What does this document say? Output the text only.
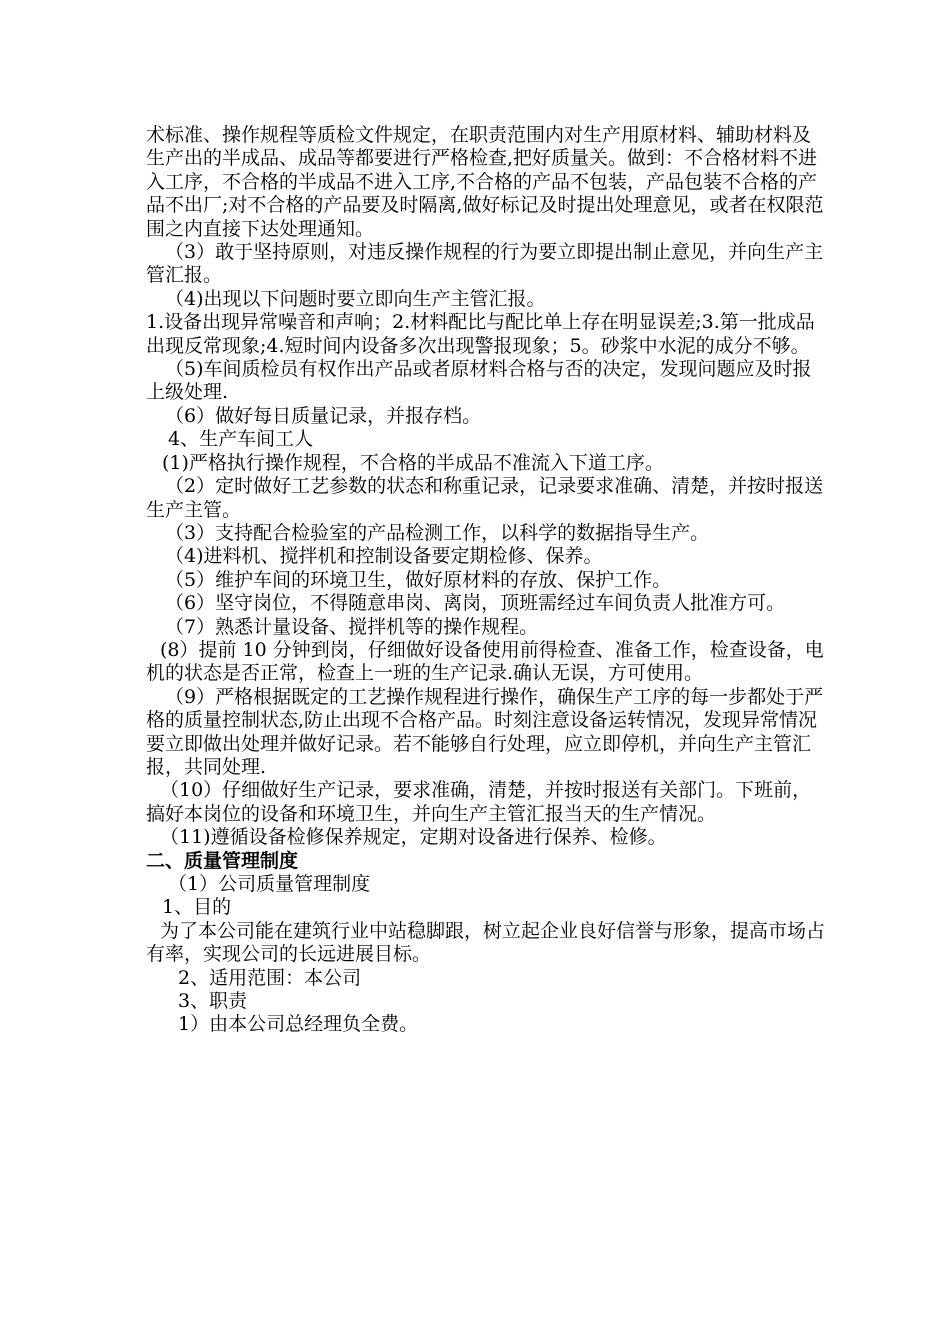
术标准、操作规程等质检文件规定，在职责范围内对生产用原材料、辅助材料及生产出的半成品、成品等都要进行严格检查,把好质量关。做到：不合格材料不进入工序，不合格的半成品不进入工序,不合格的产品不包装，产品包装不合格的产品不出厂;对不合格的产品要及时隔离,做好标记及时提出处理意见，或者在权限范围之内直接下达处理通知。

（3）敢于坚持原则，对违反操作规程的行为要立即提出制止意见，并向生产主管汇报。

（4)出现以下问题时要立即向生产主管汇报。

1.设备出现异常噪音和声响；2.材料配比与配比单上存在明显误差;3.第一批成品出现反常现象;4.短时间内设备多次出现警报现象；5。砂浆中水泥的成分不够。

（5)车间质检员有权作出产品或者原材料合格与否的决定，发现问题应及时报上级处理.

（6）做好每日质量记录，并报存档。

4、生产车间工人

(1)严格执行操作规程，不合格的半成品不准流入下道工序。

（2）定时做好工艺参数的状态和称重记录，记录要求准确、清楚，并按时报送生产主管。

（3）支持配合检验室的产品检测工作，以科学的数据指导生产。

（4)进料机、搅拌机和控制设备要定期检修、保养。

（5）维护车间的环境卫生，做好原材料的存放、保护工作。

（6）坚守岗位，不得随意串岗、离岗，顶班需经过车间负责人批准方可。

（7）熟悉计量设备、搅拌机等的操作规程。

(8）提前 10 分钟到岗，仔细做好设备使用前得检查、准备工作，检查设备，电机的状态是否正常，检查上一班的生产记录.确认无误，方可使用。

（9）严格根据既定的工艺操作规程进行操作，确保生产工序的每一步都处于严格的质量控制状态,防止出现不合格产品。时刻注意设备运转情况，发现异常情况要立即做出处理并做好记录。若不能够自行处理，应立即停机，并向生产主管汇报，共同处理.

（10）仔细做好生产记录，要求准确，清楚，并按时报送有关部门。下班前，搞好本岗位的设备和环境卫生，并向生产主管汇报当天的生产情况。

（11)遵循设备检修保养规定，定期对设备进行保养、检修。

二、质量管理制度

（1）公司质量管理制度

1、目的

为了本公司能在建筑行业中站稳脚跟，树立起企业良好信誉与形象，提高市场占有率，实现公司的长远进展目标。

2、适用范围：本公司

3、职责

1）由本公司总经理负全费。
